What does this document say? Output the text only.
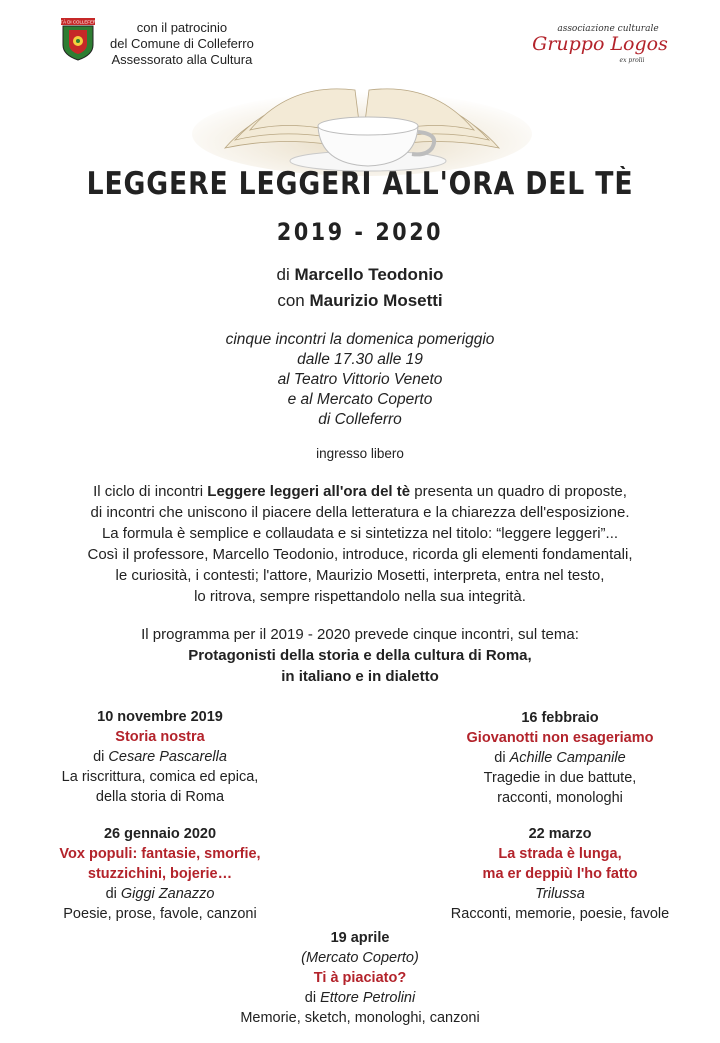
CITTÀ DI COLLEFERRO	con il patrocinio
del Comune di Colleferro
Assessorato alla Cultura
associazione culturale
Gruppo Logos
ex prolii
LEGGERE LEGGERI ALL'ORA DEL TÈ
2019 - 2020
di Marcello Teodonio
con Maurizio Mosetti
cinque incontri la domenica pomeriggio
dalle 17.30 alle 19
al Teatro Vittorio Veneto
e al Mercato Coperto
di Colleferro
ingresso libero
Il ciclo di incontri Leggere leggeri all'ora del tè presenta un quadro di proposte,
di incontri che uniscono il piacere della letteratura e la chiarezza dell'esposizione.
La formula è semplice e collaudata e si sintetizza nel titolo: “leggere leggeri”...
Così il professore, Marcello Teodonio, introduce, ricorda gli elementi fondamentali,
le curiosità, i contesti; l'attore, Maurizio Mosetti, interpreta, entra nel testo,
lo ritrova, sempre rispettandolo nella sua integrità.
Il programma per il 2019 - 2020 prevede cinque incontri, sul tema:
Protagonisti della storia e della cultura di Roma,
in italiano e in dialetto
10 novembre 2019
Storia nostra
di Cesare Pascarella
La riscrittura, comica ed epica,
della storia di Roma
16 febbraio
Giovanotti non esageriamo
di Achille Campanile
Tragedie in due battute,
racconti, monologhi
26 gennaio 2020
Vox populi: fantasie, smorfie,
stuzzichini, bojerie…
di Giggi Zanazzo
Poesie, prose, favole, canzoni
22 marzo
La strada è lunga,
ma er deppiù l'ho fatto
Trilussa
Racconti, memorie, poesie, favole
19 aprile
(Mercato Coperto)
Ti à piaciato?
di Ettore Petrolini
Memorie, sketch, monologhi, canzoni
